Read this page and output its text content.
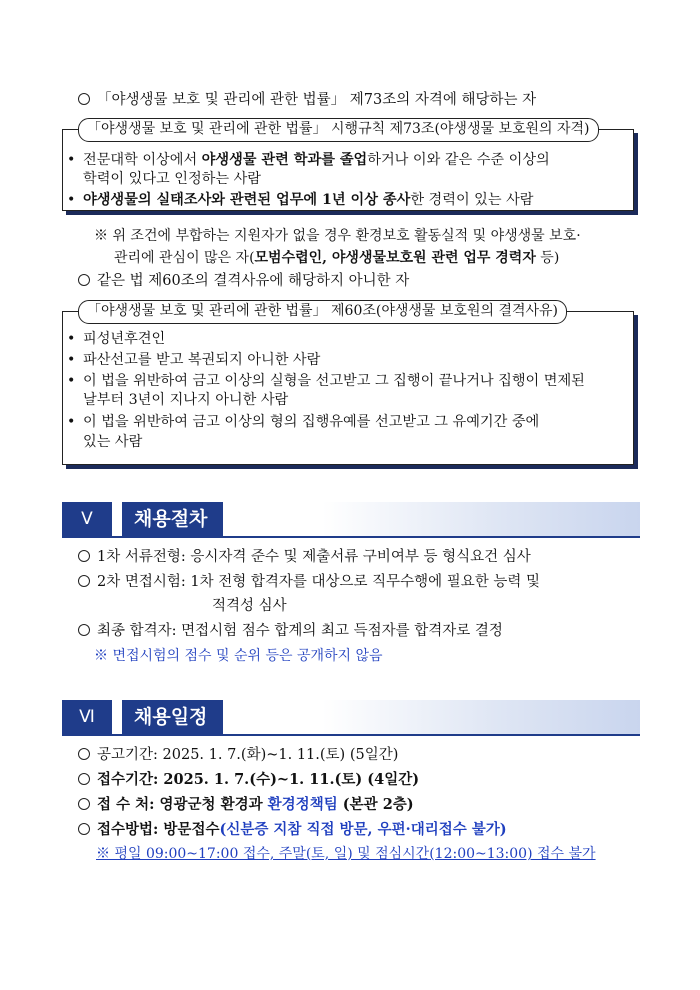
「야생생물 보호 및 관리에 관한 법률」 제73조의 자격에 해당하는 자
• 전문대학 이상에서 야생생물 관련 학과를 졸업하거나 이와 같은 수준 이상의
학력이 있다고 인정하는 사람
• 야생생물의 실태조사와 관련된 업무에 1년 이상 종사한 경력이 있는 사람
「야생생물 보호 및 관리에 관한 법률」 시행규칙 제73조(야생생물 보호원의 자격)
※ 위 조건에 부합하는 지원자가 없을 경우 환경보호 활동실적 및 야생생물 보호·
관리에 관심이 많은 자(모범수렵인, 야생생물보호원 관련 업무 경력자 등)
같은 법 제60조의 결격사유에 해당하지 아니한 자
• 피성년후견인
• 파산선고를 받고 복권되지 아니한 사람
• 이 법을 위반하여 금고 이상의 실형을 선고받고 그 집행이 끝나거나 집행이 면제된
날부터 3년이 지나지 아니한 사람
• 이 법을 위반하여 금고 이상의 형의 집행유예를 선고받고 그 유예기간 중에
있는 사람
「야생생물 보호 및 관리에 관한 법률」 제60조(야생생물 보호원의 결격사유)
Ⅴ	채용절차
1차 서류전형: 응시자격 준수 및 제출서류 구비여부 등 형식요건 심사
2차 면접시험: 1차 전형 합격자를 대상으로 직무수행에 필요한 능력 및
적격성 심사
최종 합격자: 면접시험 점수 합계의 최고 득점자를 합격자로 결정
※ 면접시험의 점수 및 순위 등은 공개하지 않음
Ⅵ	채용일정
공고기간: 2025. 1. 7.(화)~1. 11.(토) (5일간)
접수기간: 2025. 1. 7.(수)~1. 11.(토) (4일간)
접 수 처: 영광군청 환경과 환경정책팀 (본관 2층)
접수방법: 방문접수(신분증 지참 직접 방문, 우편·대리접수 불가)
※ 평일 09:00~17:00 접수, 주말(토, 일) 및 점심시간(12:00~13:00) 접수 불가
